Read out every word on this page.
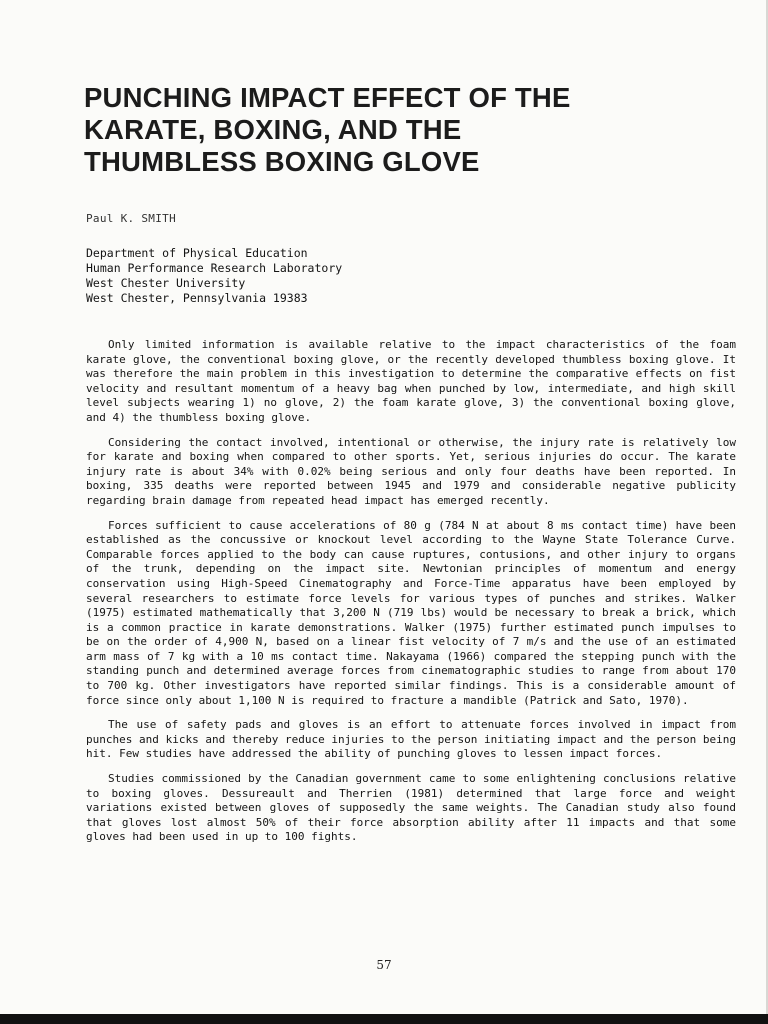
PUNCHING IMPACT EFFECT OF THE
KARATE, BOXING, AND THE
THUMBLESS BOXING GLOVE
Paul K. SMITH
Department of Physical Education
Human Performance Research Laboratory
West Chester University
West Chester, Pennsylvania 19383

Only limited information is available relative to the impact characteristics of the foam karate glove, the conventional boxing glove, or the recently developed thumbless boxing glove. It was therefore the main problem in this investigation to determine the comparative effects on fist velocity and resultant momentum of a heavy bag when punched by low, intermediate, and high skill level subjects wearing 1) no glove, 2) the foam karate glove, 3) the conventional boxing glove, and 4) the thumbless boxing glove.

Considering the contact involved, intentional or otherwise, the injury rate is relatively low for karate and boxing when compared to other sports. Yet, serious injuries do occur. The karate injury rate is about 34% with 0.02% being serious and only four deaths have been reported. In boxing, 335 deaths were reported between 1945 and 1979 and considerable negative publicity regarding brain damage from repeated head impact has emerged recently.

Forces sufficient to cause accelerations of 80 g (784 N at about 8 ms contact time) have been established as the concussive or knockout level according to the Wayne State Tolerance Curve. Comparable forces applied to the body can cause ruptures, contusions, and other injury to organs of the trunk, depending on the impact site. Newtonian principles of momentum and energy conservation using High-Speed Cinematography and Force-Time apparatus have been employed by several researchers to estimate force levels for various types of punches and strikes. Walker (1975) estimated mathematically that 3,200 N (719 lbs) would be necessary to break a brick, which is a common practice in karate demonstrations. Walker (1975) further estimated punch impulses to be on the order of 4,900 N, based on a linear fist velocity of 7 m/s and the use of an estimated arm mass of 7 kg with a 10 ms contact time. Nakayama (1966) compared the stepping punch with the standing punch and determined average forces from cinematographic studies to range from about 170 to 700 kg. Other investigators have reported similar findings. This is a considerable amount of force since only about 1,100 N is required to fracture a mandible (Patrick and Sato, 1970).

The use of safety pads and gloves is an effort to attenuate forces involved in impact from punches and kicks and thereby reduce injuries to the person initiating impact and the person being hit. Few studies have addressed the ability of punching gloves to lessen impact forces.

Studies commissioned by the Canadian government came to some enlightening conclusions relative to boxing gloves. Dessureault and Therrien (1981) determined that large force and weight variations existed between gloves of supposedly the same weights. The Canadian study also found that gloves lost almost 50% of their force absorption ability after 11 impacts and that some gloves had been used in up to 100 fights.

57
